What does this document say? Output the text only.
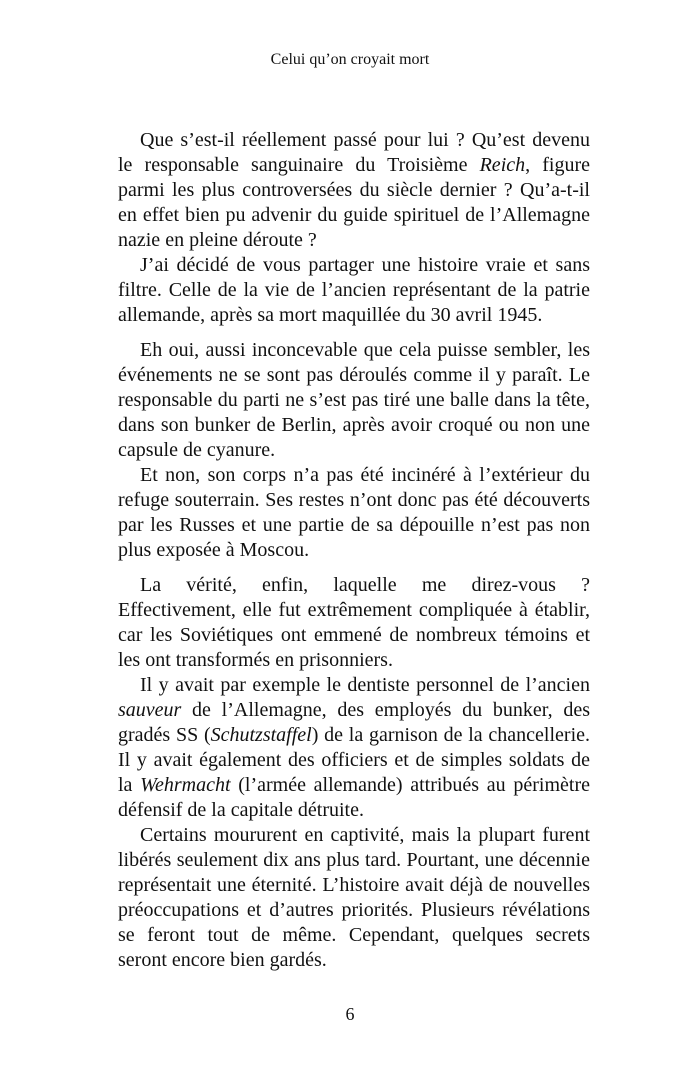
Celui qu’on croyait mort

Que s’est-il réellement passé pour lui ? Qu’est devenu le responsable sanguinaire du Troisième Reich, figure parmi les plus controversées du siècle dernier ? Qu’a-t-il en effet bien pu advenir du guide spirituel de l’Allemagne nazie en pleine déroute ?

J’ai décidé de vous partager une histoire vraie et sans filtre. Celle de la vie de l’ancien représentant de la patrie allemande, après sa mort maquillée du 30 avril 1945.

Eh oui, aussi inconcevable que cela puisse sembler, les événements ne se sont pas déroulés comme il y paraît. Le responsable du parti ne s’est pas tiré une balle dans la tête, dans son bunker de Berlin, après avoir croqué ou non une capsule de cyanure.

Et non, son corps n’a pas été incinéré à l’extérieur du refuge souterrain. Ses restes n’ont donc pas été découverts par les Russes et une partie de sa dépouille n’est pas non plus exposée à Moscou.

La vérité, enfin, laquelle me direz-vous ? Effectivement, elle fut extrêmement compliquée à établir, car les Soviétiques ont emmené de nombreux témoins et les ont transformés en prisonniers.

Il y avait par exemple le dentiste personnel de l’ancien sauveur de l’Allemagne, des employés du bunker, des gradés SS (Schutzstaffel) de la garnison de la chancellerie. Il y avait également des officiers et de simples soldats de la Wehrmacht (l’armée allemande) attribués au périmètre défensif de la capitale détruite.

Certains moururent en captivité, mais la plupart furent libérés seulement dix ans plus tard. Pourtant, une décennie représentait une éternité. L’histoire avait déjà de nouvelles préoccupations et d’autres priorités. Plusieurs révélations se feront tout de même. Cependant, quelques secrets seront encore bien gardés.

6
